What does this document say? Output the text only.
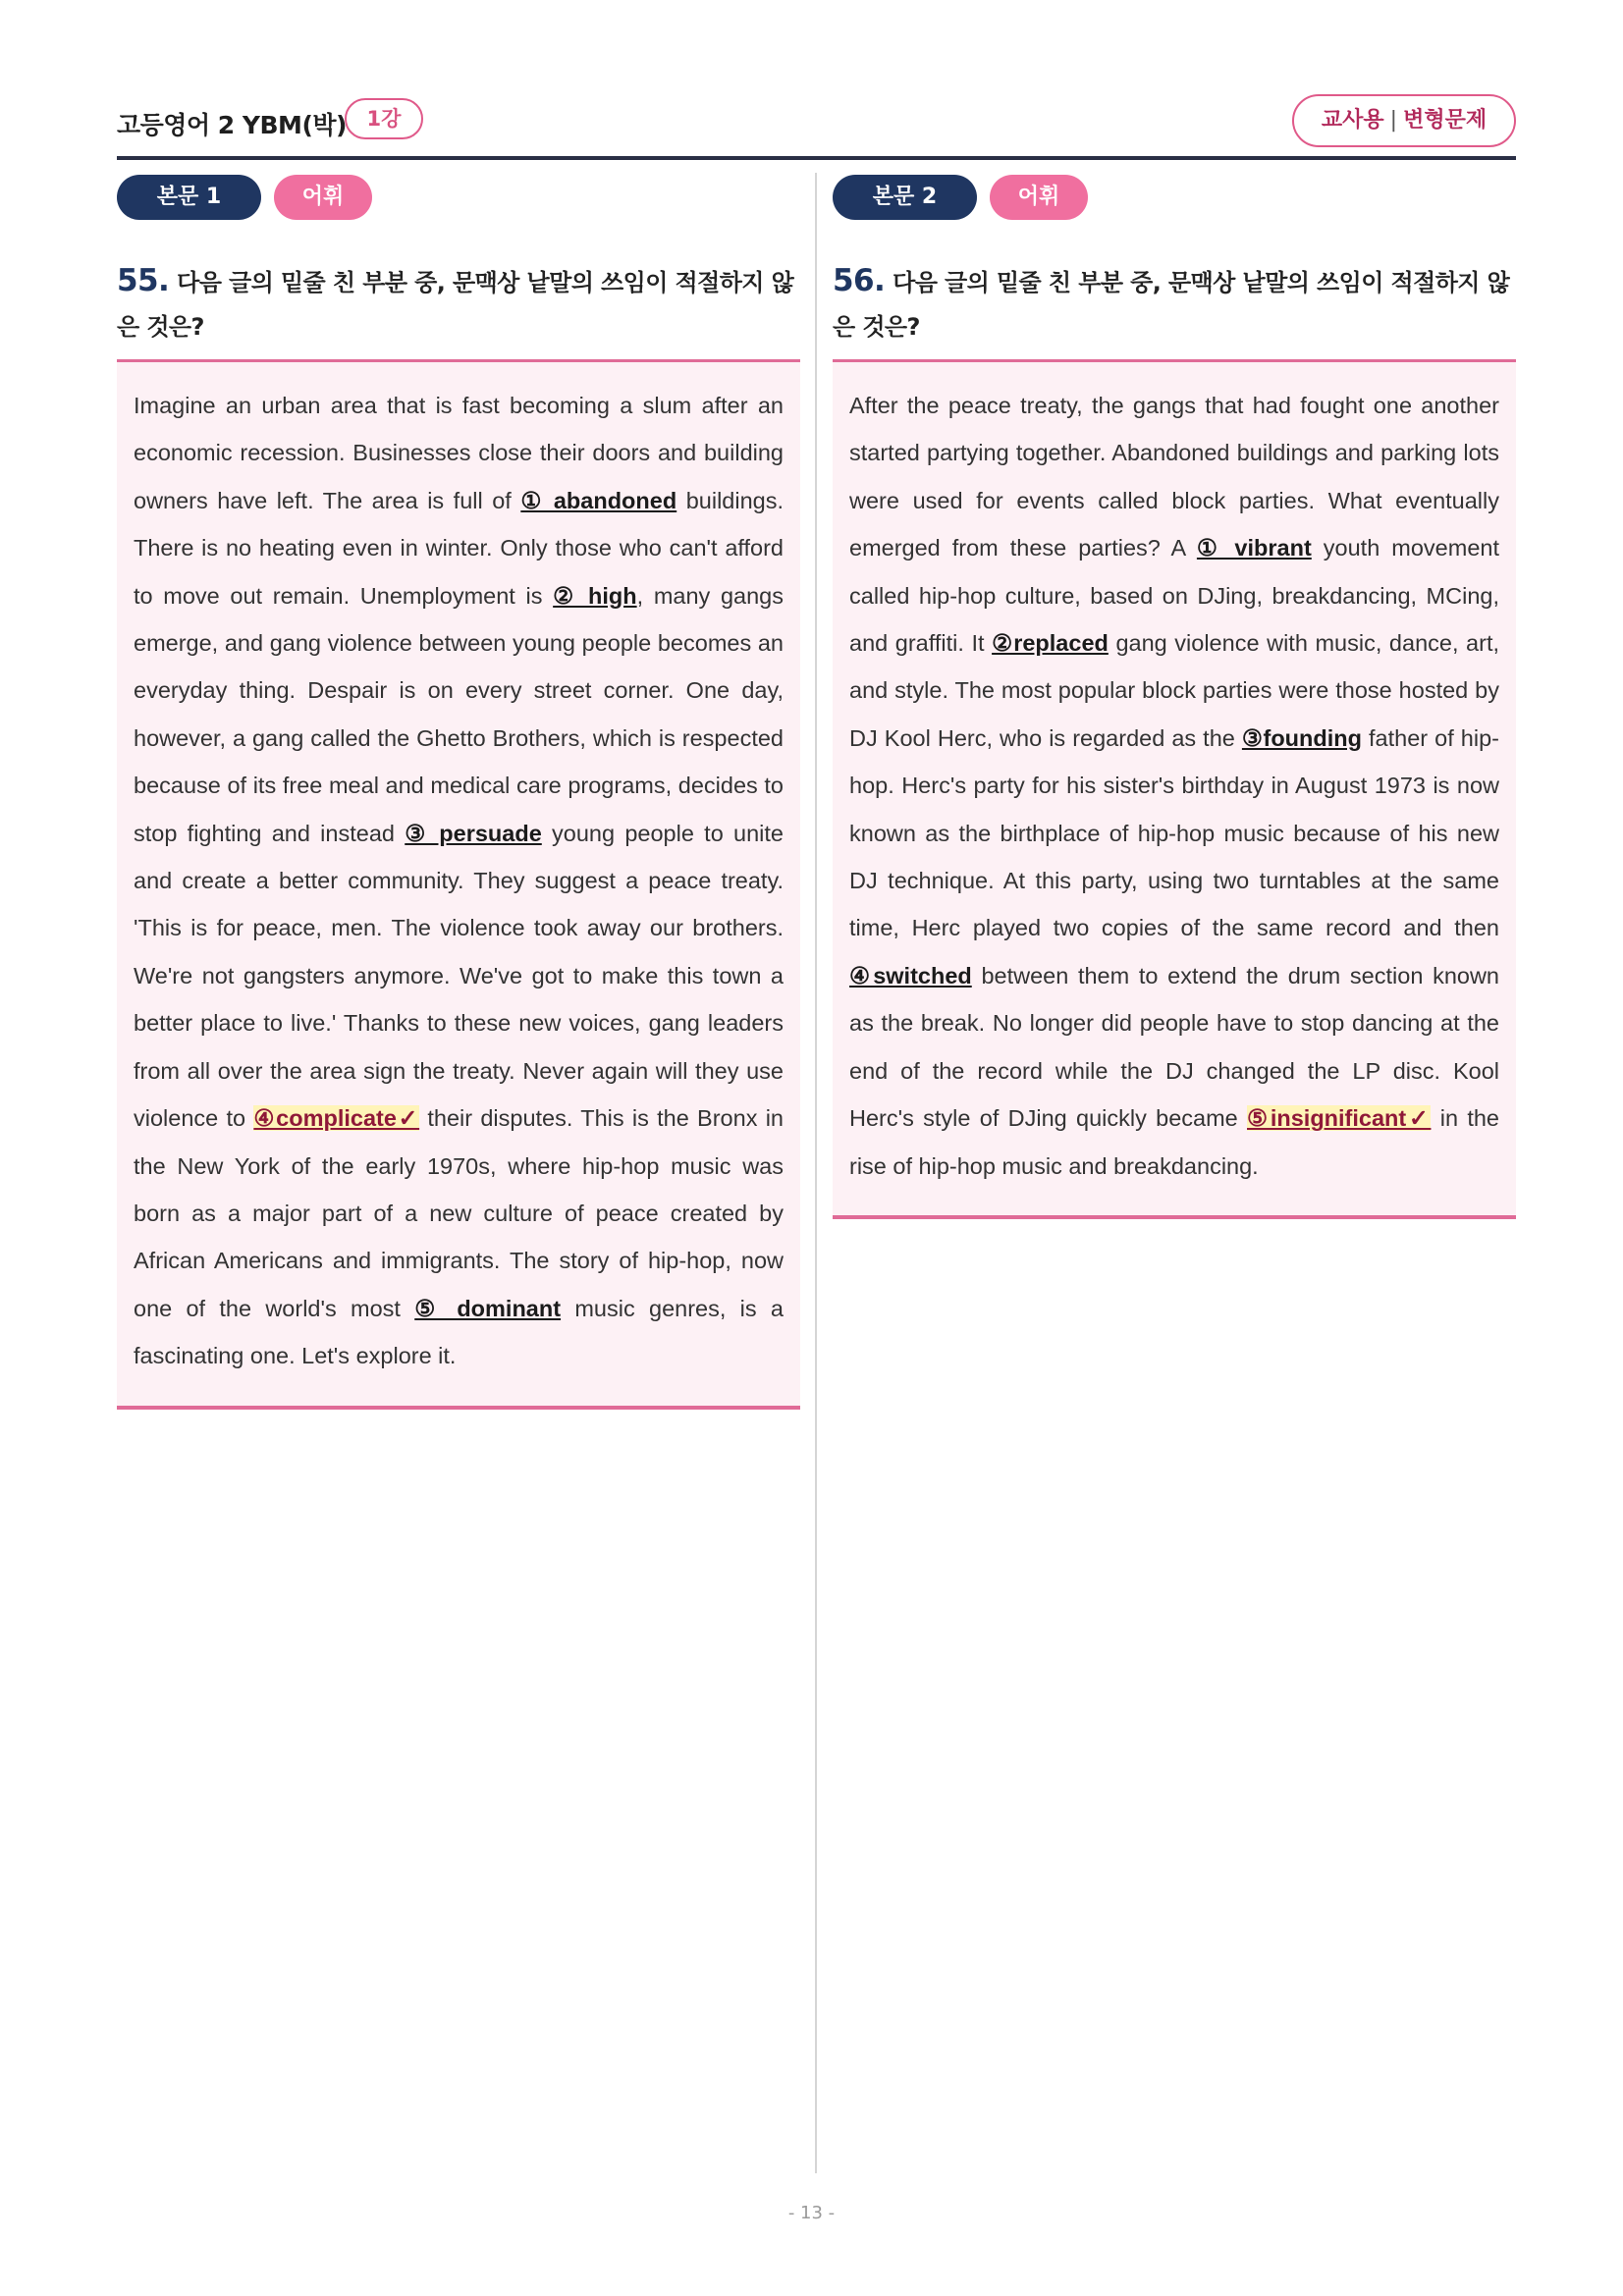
고등영어 2 YBM(박) 1강	교사용 | 변형문제
본문 1	어휘
55. 다음 글의 밑줄 친 부분 중, 문맥상 낱말의 쓰임이 적절하지 않은 것은?

Imagine an urban area that is fast becoming a slum after an economic recession. Businesses close their doors and building owners have left. The area is full of ① abandoned buildings. There is no heating even in winter. Only those who can't afford to move out remain. Unemployment is ② high, many gangs emerge, and gang violence between young people becomes an everyday thing. Despair is on every street corner. One day, however, a gang called the Ghetto Brothers, which is respected because of its free meal and medical care programs, decides to stop fighting and instead ③ persuade young people to unite and create a better community. They suggest a peace treaty. 'This is for peace, men. The violence took away our brothers. We're not gangsters anymore. We've got to make this town a better place to live.' Thanks to these new voices, gang leaders from all over the area sign the treaty. Never again will they use violence to ④complicate✓ their disputes. This is the Bronx in the New York of the early 1970s, where hip-hop music was born as a major part of a new culture of peace created by African Americans and immigrants. The story of hip-hop, now one of the world's most ⑤ dominant music genres, is a fascinating one. Let's explore it.

본문 2	어휘
56. 다음 글의 밑줄 친 부분 중, 문맥상 낱말의 쓰임이 적절하지 않은 것은?

After the peace treaty, the gangs that had fought one another started partying together. Abandoned buildings and parking lots were used for events called block parties. What eventually emerged from these parties? A ① vibrant youth movement called hip-hop culture, based on DJing, breakdancing, MCing, and graffiti. It ②replaced gang violence with music, dance, art, and style. The most popular block parties were those hosted by DJ Kool Herc, who is regarded as the ③founding father of hip-hop. Herc's party for his sister's birthday in August 1973 is now known as the birthplace of hip-hop music because of his new DJ technique. At this party, using two turntables at the same time, Herc played two copies of the same record and then ④switched between them to extend the drum section known as the break. No longer did people have to stop dancing at the end of the record while the DJ changed the LP disc. Kool Herc's style of DJing quickly became ⑤insignificant✓ in the rise of hip-hop music and breakdancing.

- 13 -
